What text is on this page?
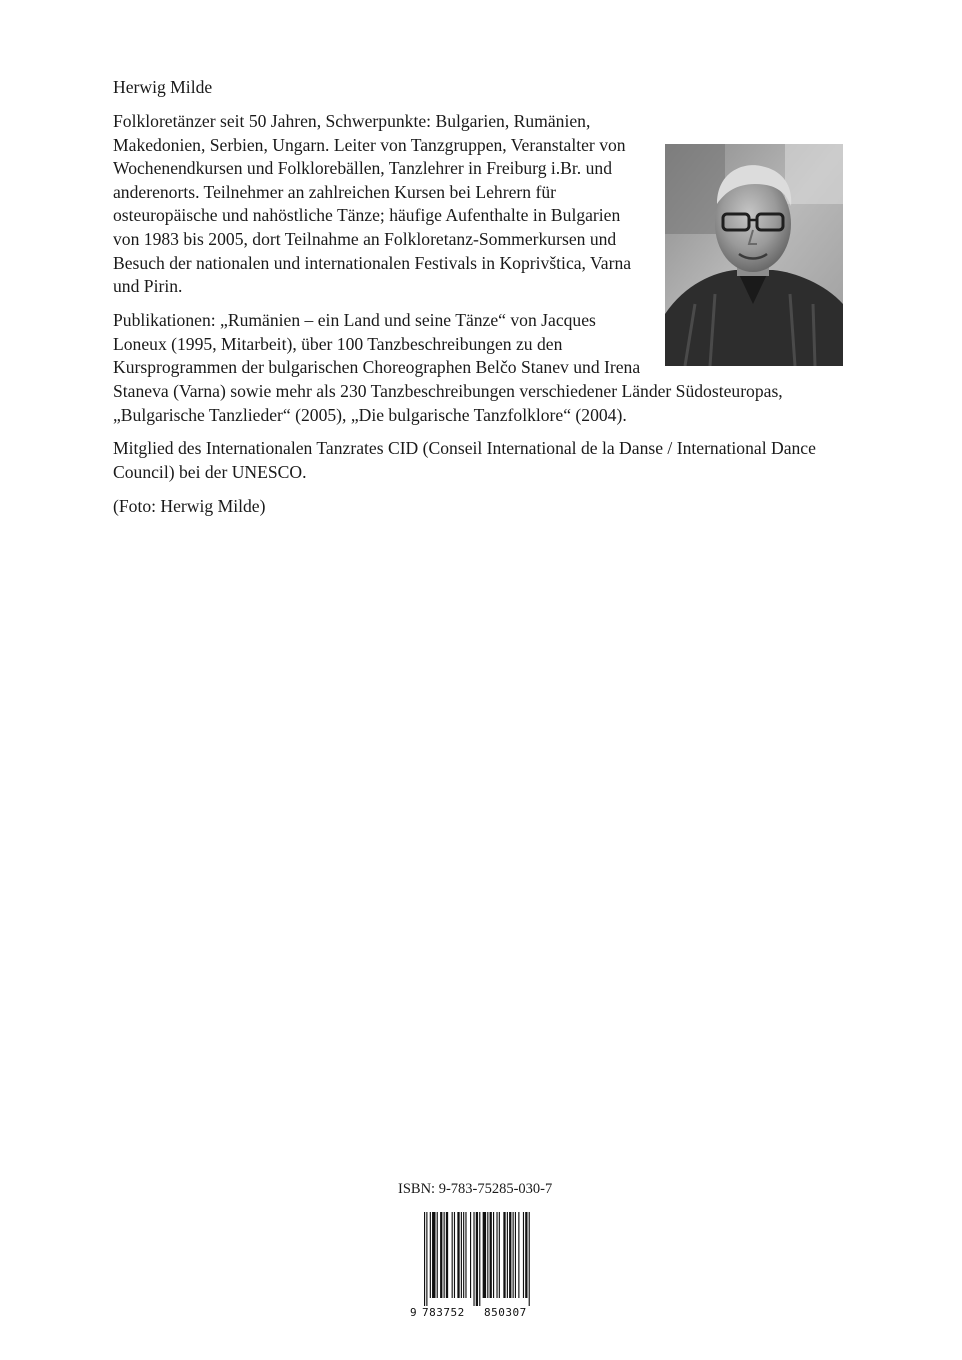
Herwig Milde

Folkloretänzer seit 50 Jahren, Schwerpunkte: Bulgarien, Rumänien, Makedonien, Serbien, Ungarn. Leiter von Tanzgruppen, Veranstalter von Wochenendkursen und Folklorebällen, Tanzlehrer in Freiburg i.Br. und anderenorts. Teilnehmer an zahlreichen Kursen bei Lehrern für osteuropäische und nahöstliche Tänze; häufige Aufenthalte in Bulgarien von 1983 bis 2005, dort Teilnahme an Folkloretanz-Sommerkursen und Besuch der nationalen und internationalen Festivals in Koprivštica, Varna und Pirin.

Publikationen: „Rumänien – ein Land und seine Tänze“ von Jacques Loneux (1995, Mitarbeit), über 100 Tanzbeschreibungen zu den Kursprogrammen der bulgarischen Choreographen Belčo Stanev und Irena Staneva (Varna) sowie mehr als 230 Tanzbeschreibungen verschiedener Länder Südosteuropas, „Bulgarische Tanzlieder“ (2005), „Die bulgarische Tanzfolklore“ (2004).

Mitglied des Internationalen Tanzrates CID (Conseil International de la Danse / International Dance Council) bei der UNESCO.

(Foto: Herwig Milde)

ISBN: 9-783-75285-030-7
9 783752 850307
